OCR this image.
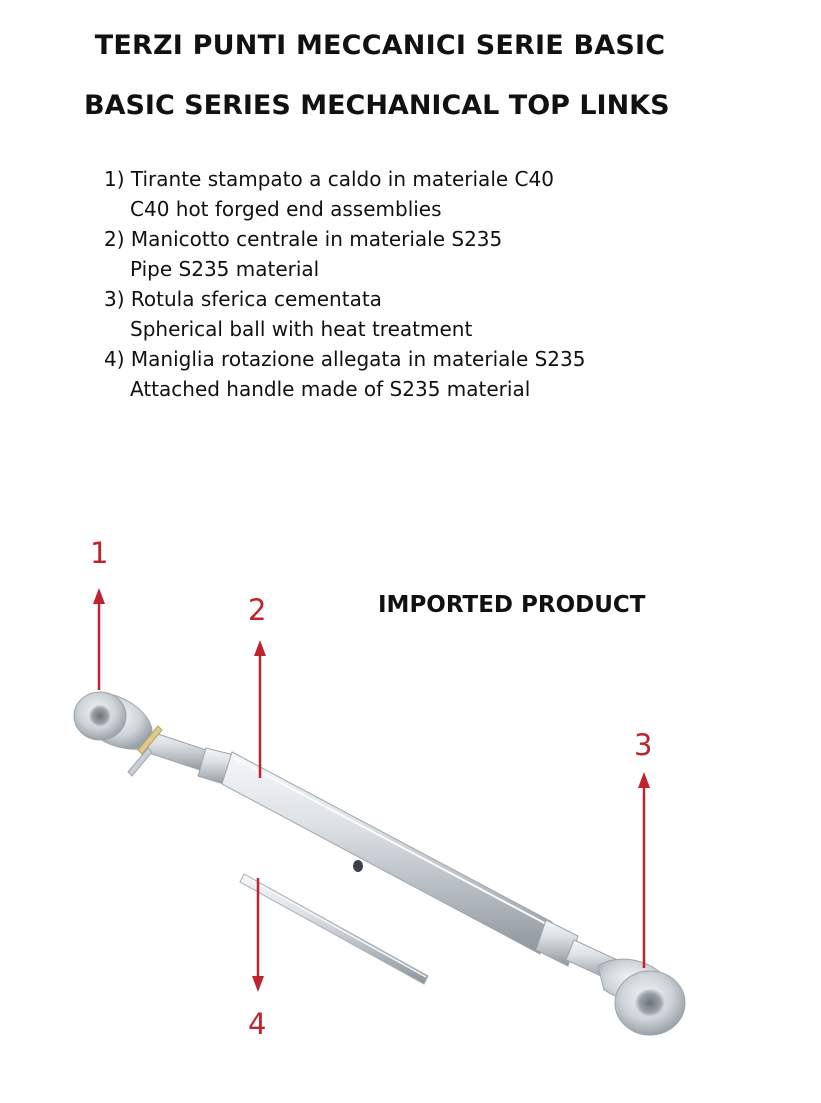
TERZI PUNTI MECCANICI SERIE BASIC
BASIC SERIES MECHANICAL TOP LINKS
1) Tirante stampato a caldo in materiale C40
C40 hot forged end assemblies
2) Manicotto centrale in materiale S235
Pipe S235 material
3) Rotula sferica cementata
Spherical ball with heat treatment
4) Maniglia rotazione allegata in materiale S235
Attached handle made of S235 material
1
2
3
4
IMPORTED PRODUCT
